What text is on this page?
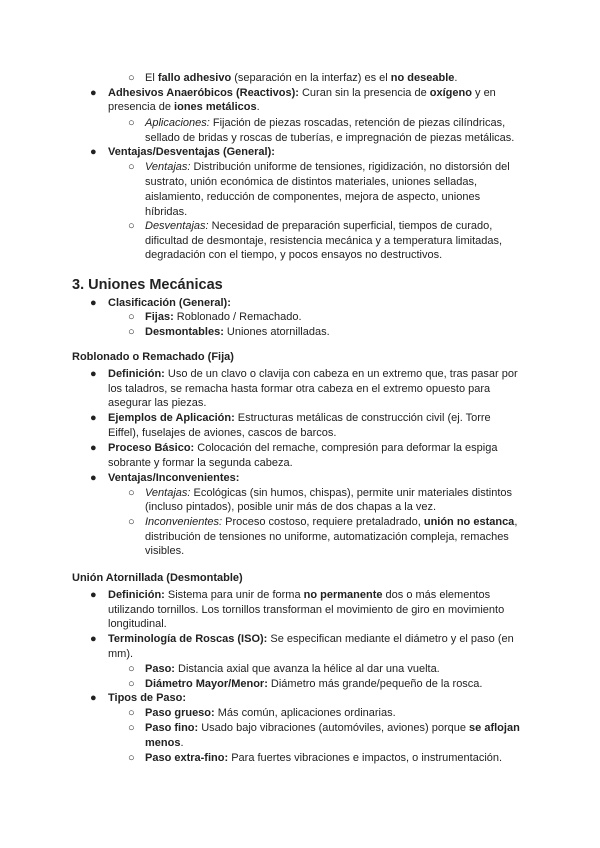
○ El fallo adhesivo (separación en la interfaz) es el no deseable.
● Adhesivos Anaeróbicos (Reactivos): Curan sin la presencia de oxígeno y en
presencia de iones metálicos.
○ Aplicaciones: Fijación de piezas roscadas, retención de piezas cilíndricas,
sellado de bridas y roscas de tuberías, e impregnación de piezas metálicas.
● Ventajas/Desventajas (General):
○ Ventajas: Distribución uniforme de tensiones, rigidización, no distorsión del
sustrato, unión económica de distintos materiales, uniones selladas,
aislamiento, reducción de componentes, mejora de aspecto, uniones
híbridas.
○ Desventajas: Necesidad de preparación superficial, tiempos de curado,
dificultad de desmontaje, resistencia mecánica y a temperatura limitadas,
degradación con el tiempo, y pocos ensayos no destructivos.
3. Uniones Mecánicas
● Clasificación (General):
○ Fijas: Roblonado / Remachado.
○ Desmontables: Uniones atornilladas.
Roblonado o Remachado (Fija)
● Definición: Uso de un clavo o clavija con cabeza en un extremo que, tras pasar por
los taladros, se remacha hasta formar otra cabeza en el extremo opuesto para
asegurar las piezas.
● Ejemplos de Aplicación: Estructuras metálicas de construcción civil (ej. Torre
Eiffel), fuselajes de aviones, cascos de barcos.
● Proceso Básico: Colocación del remache, compresión para deformar la espiga
sobrante y formar la segunda cabeza.
● Ventajas/Inconvenientes:
○ Ventajas: Ecológicas (sin humos, chispas), permite unir materiales distintos
(incluso pintados), posible unir más de dos chapas a la vez.
○ Inconvenientes: Proceso costoso, requiere pretaladrado, unión no estanca,
distribución de tensiones no uniforme, automatización compleja, remaches
visibles.
Unión Atornillada (Desmontable)
● Definición: Sistema para unir de forma no permanente dos o más elementos
utilizando tornillos. Los tornillos transforman el movimiento de giro en movimiento
longitudinal.
● Terminología de Roscas (ISO): Se especifican mediante el diámetro y el paso (en
mm).
○ Paso: Distancia axial que avanza la hélice al dar una vuelta.
○ Diámetro Mayor/Menor: Diámetro más grande/pequeño de la rosca.
● Tipos de Paso:
○ Paso grueso: Más común, aplicaciones ordinarias.
○ Paso fino: Usado bajo vibraciones (automóviles, aviones) porque se aflojan
menos.
○ Paso extra-fino: Para fuertes vibraciones e impactos, o instrumentación.
